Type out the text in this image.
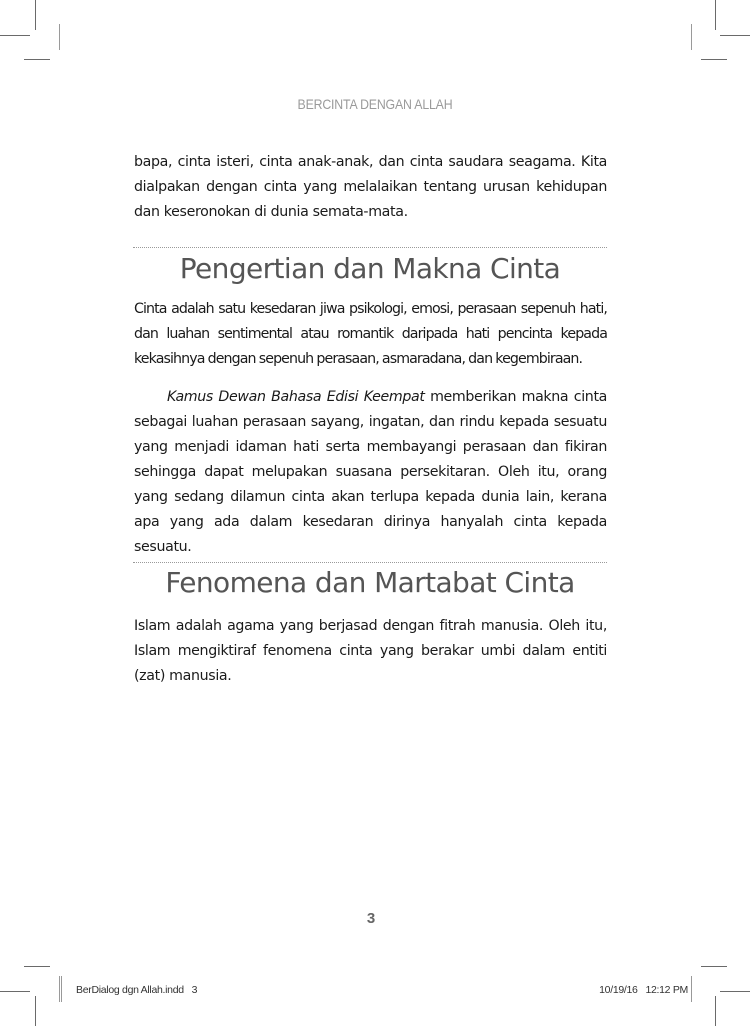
BERCINTA DENGAN ALLAH

bapa, cinta isteri, cinta anak-anak, dan cinta saudara seagama. Kita dialpakan dengan cinta yang melalaikan tentang urusan kehidupan dan keseronokan di dunia semata-mata.

Pengertian dan Makna Cinta

Cinta adalah satu kesedaran jiwa psikologi, emosi, perasaan sepenuh hati, dan luahan sentimental atau romantik daripada hati pencinta kepada kekasihnya dengan sepenuh perasaan, asmaradana, dan kegembiraan.

Kamus Dewan Bahasa Edisi Keempat memberikan makna cinta sebagai luahan perasaan sayang, ingatan, dan rindu kepada sesuatu yang menjadi idaman hati serta membayangi perasaan dan fikiran sehingga dapat melupakan suasana persekitaran. Oleh itu, orang yang sedang dilamun cinta akan terlupa kepada dunia lain, kerana apa yang ada dalam kesedaran dirinya hanyalah cinta kepada sesuatu.

Fenomena dan Martabat Cinta

Islam adalah agama yang berjasad dengan fitrah manusia. Oleh itu, Islam mengiktiraf fenomena cinta yang berakar umbi dalam entiti (zat) manusia.

3
BerDialog dgn Allah.indd   3	10/19/16   12:12 PM
